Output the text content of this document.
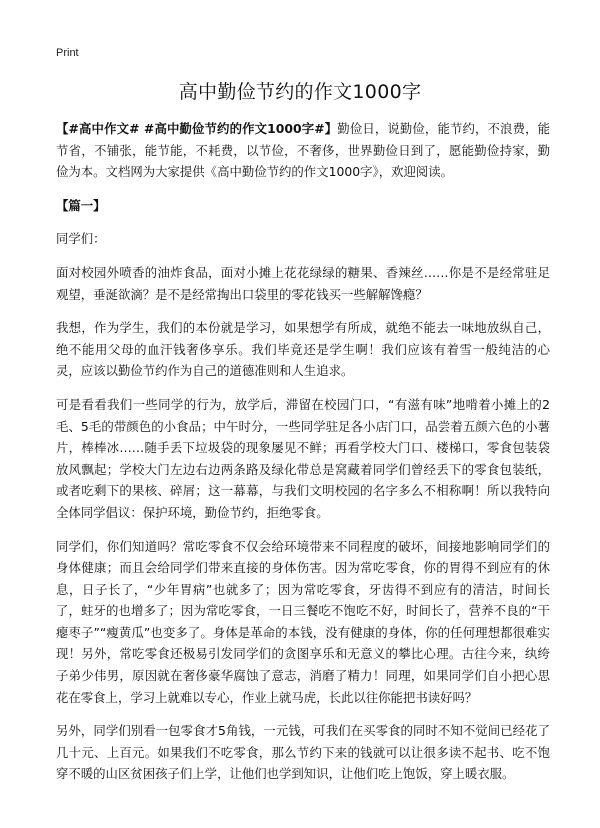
Print
高中勤俭节约的作文1000字

【#高中作文# #高中勤俭节约的作文1000字#】勤俭日，说勤俭，能节约，不浪费，能节省，不铺张，能节能，不耗费，以节俭，不奢侈，世界勤俭日到了，愿能勤俭持家，勤俭为本。文档网为大家提供《高中勤俭节约的作文1000字》，欢迎阅读。

【篇一】

同学们：

面对校园外喷香的油炸食品，面对小摊上花花绿绿的糖果、香辣丝……你是不是经常驻足观望，垂涎欲滴？是不是经常掏出口袋里的零花钱买一些解解馋瘾？

我想，作为学生，我们的本份就是学习，如果想学有所成，就绝不能去一味地放纵自己，绝不能用父母的血汗钱奢侈享乐。我们毕竟还是学生啊！我们应该有着雪一般纯洁的心灵，应该以勤俭节约作为自己的道德准则和人生追求。

可是看看我们一些同学的行为，放学后，滞留在校园门口，“有滋有味”地啃着小摊上的2毛、5毛的带颜色的小食品；中午时分，一些同学驻足各小店门口，品尝着五颜六色的小薯片，棒棒冰……随手丢下垃圾袋的现象屡见不鲜；再看学校大门口、楼梯口，零食包装袋放风飘起；学校大门左边右边两条路及绿化带总是窝藏着同学们曾经丢下的零食包装纸，或者吃剩下的果核、碎屑；这一幕幕，与我们文明校园的名字多么不相称啊！所以我特向全体同学倡议：保护环境，勤俭节约，拒绝零食。

同学们，你们知道吗？常吃零食不仅会给环境带来不同程度的破坏，间接地影响同学们的身体健康；而且会给同学们带来直接的身体伤害。因为常吃零食，你的胃得不到应有的休息，日子长了，“少年胃病”也就多了；因为常吃零食，牙齿得不到应有的清洁，时间长了，蛀牙的也增多了；因为常吃零食，一日三餐吃不饱吃不好，时间长了，营养不良的“干瘪枣子”“瘦黄瓜”也变多了。身体是革命的本钱，没有健康的身体，你的任何理想都很难实现！另外，常吃零食还极易引发同学们的贪图享乐和无意义的攀比心理。古往今来，纨绔子弟少伟男，原因就在奢侈豪华腐蚀了意志，消磨了精力！同理，如果同学们自小把心思花在零食上，学习上就难以专心，作业上就马虎，长此以往你能把书读好吗？

另外，同学们别看一包零食才5角钱，一元钱，可我们在买零食的同时不知不觉间已经花了几十元、上百元。如果我们不吃零食，那么节约下来的钱就可以让很多读不起书、吃不饱穿不暖的山区贫困孩子们上学，让他们也学到知识，让他们吃上饱饭，穿上暖衣服。
